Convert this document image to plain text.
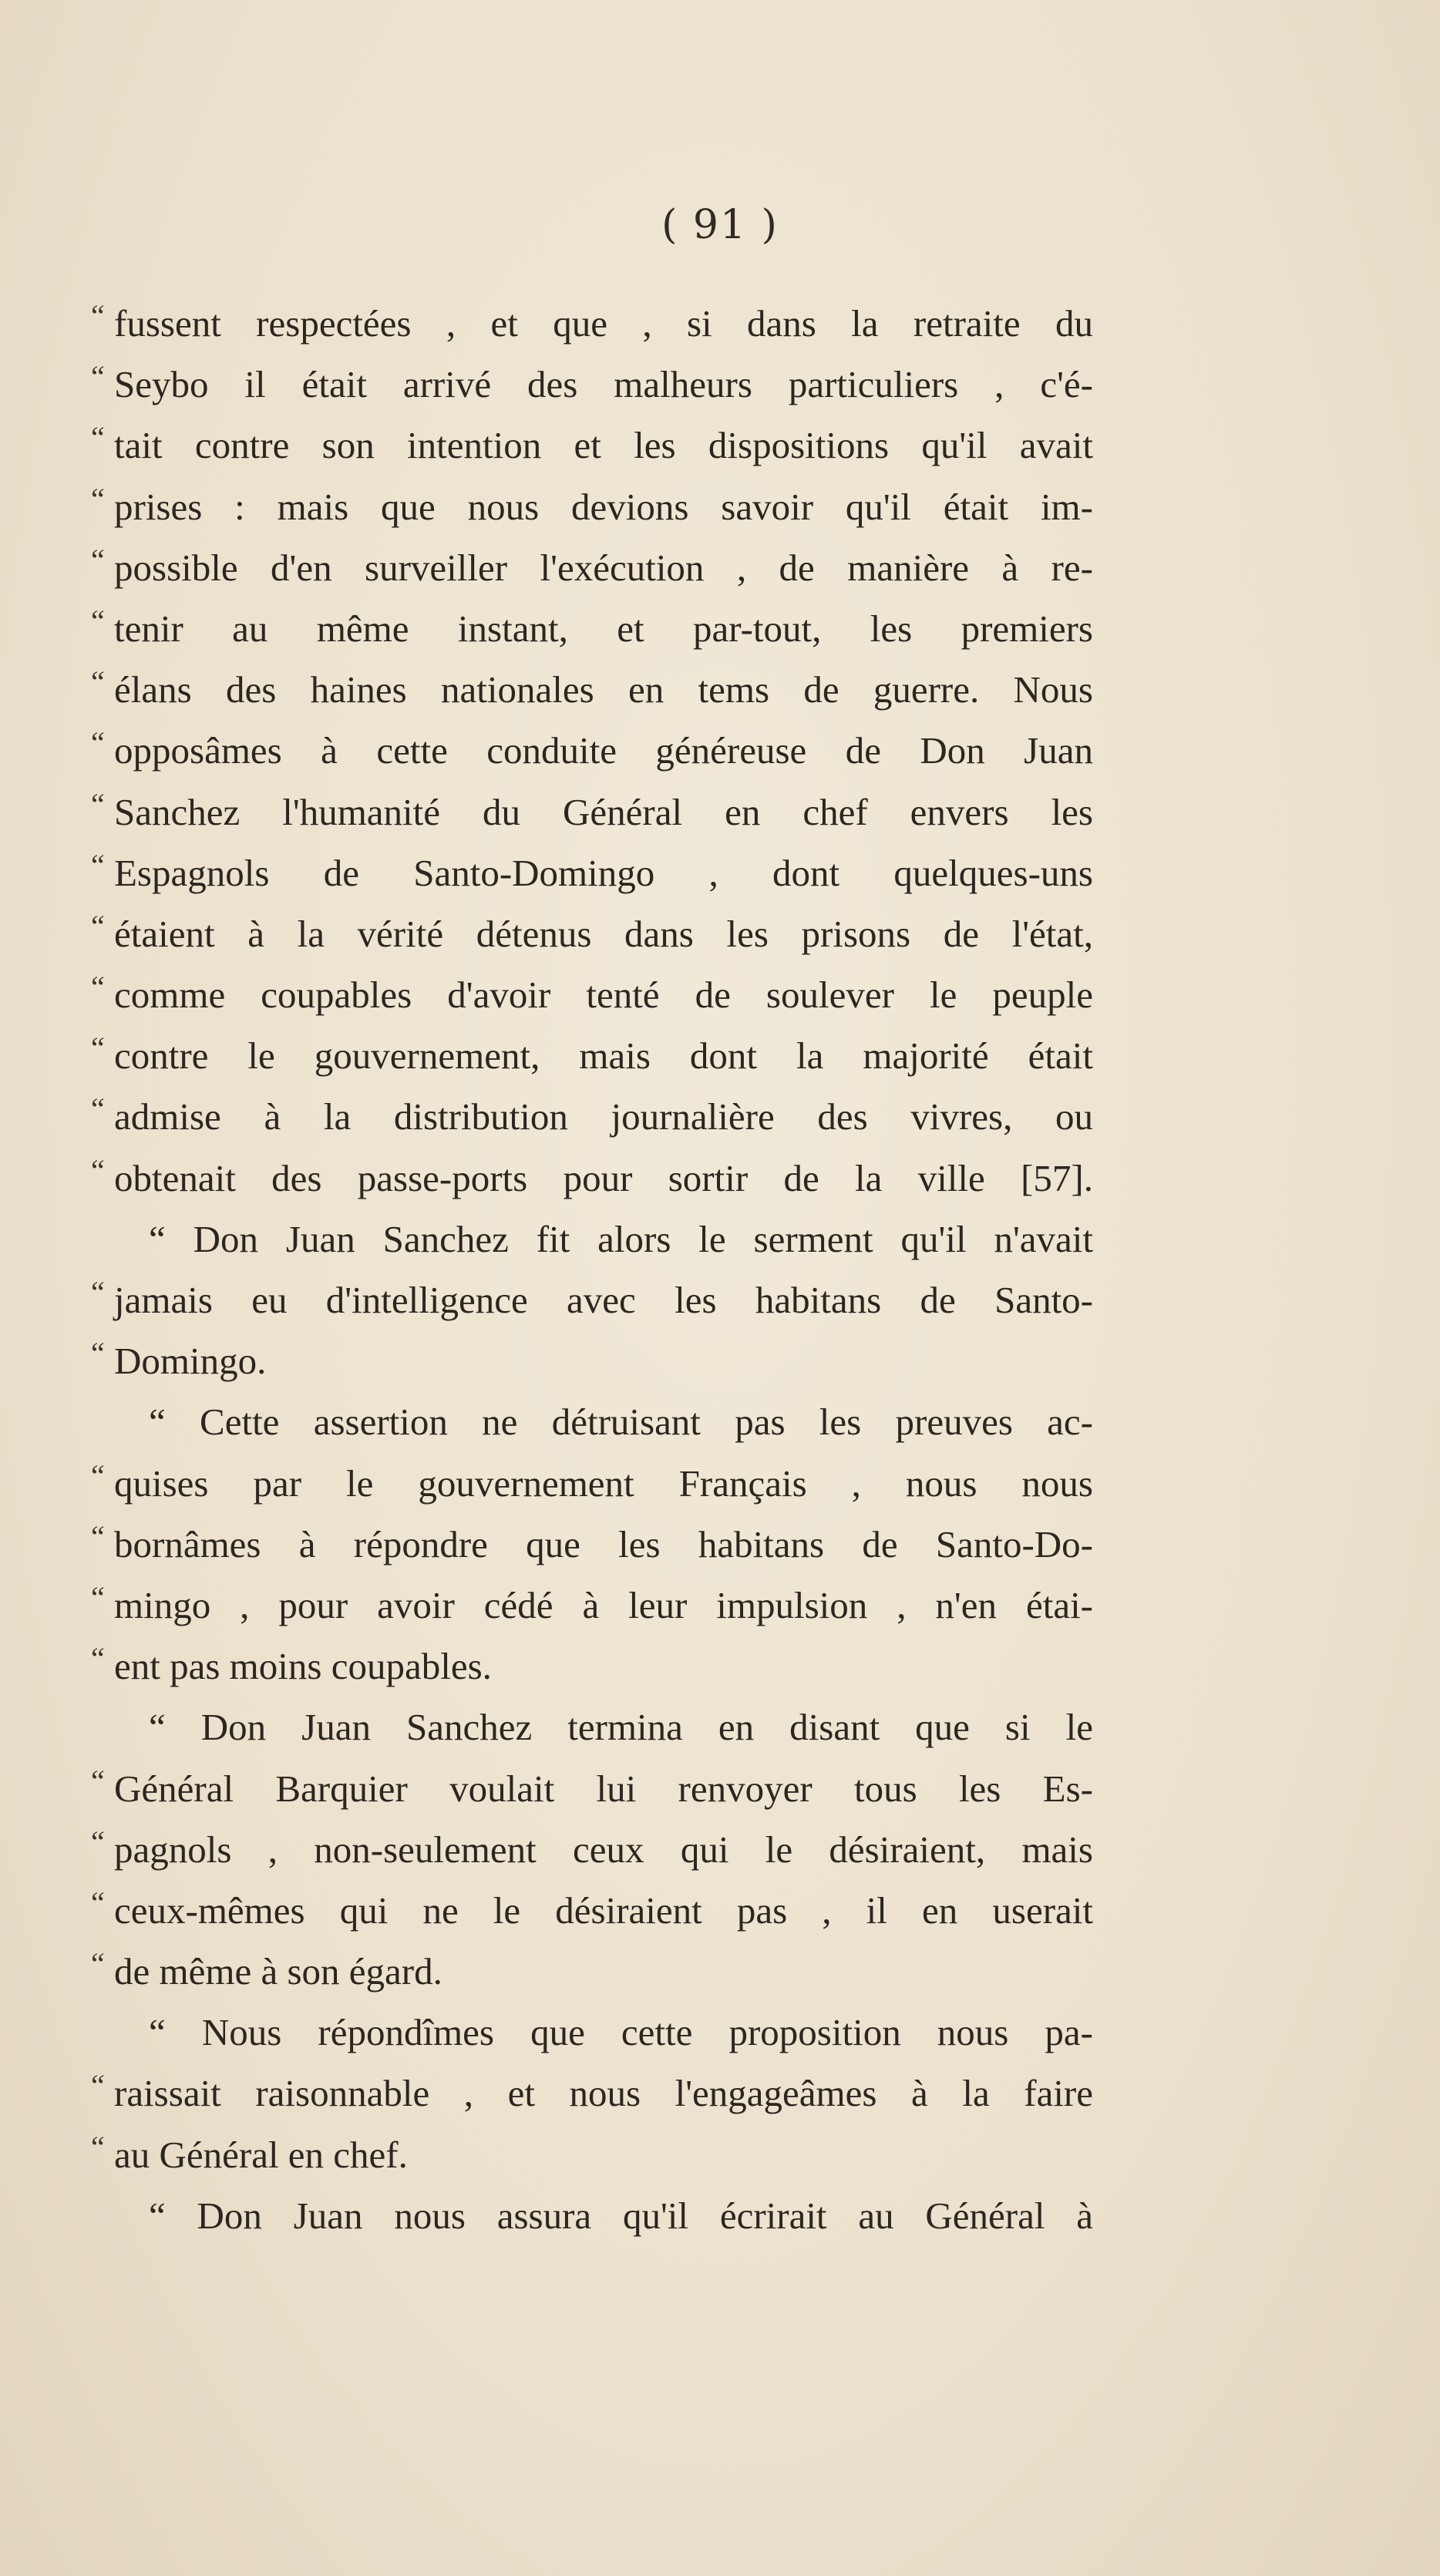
( 91 )
“ fussent respectées , et que , si dans la retraite du
“ Seybo il était arrivé des malheurs particuliers , c'é-
“ tait contre son intention et les dispositions qu'il avait
“ prises : mais que nous devions savoir qu'il était im-
“ possible d'en surveiller l'exécution , de manière à re-
“ tenir au même instant, et par-tout, les premiers
“ élans des haines nationales en tems de guerre. Nous
“ opposâmes à cette conduite généreuse de Don Juan
“ Sanchez l'humanité du Général en chef envers les
“ Espagnols de Santo-Domingo , dont quelques-uns
“ étaient à la vérité détenus dans les prisons de l'état,
“ comme coupables d'avoir tenté de soulever le peuple
“ contre le gouvernement, mais dont la majorité était
“ admise à la distribution journalière des vivres, ou
“ obtenait des passe-ports pour sortir de la ville [57].
“ Don Juan Sanchez fit alors le serment qu'il n'avait
“ jamais eu d'intelligence avec les habitans de Santo-
“ Domingo.
“ Cette assertion ne détruisant pas les preuves ac-
“ quises par le gouvernement Français , nous nous
“ bornâmes à répondre que les habitans de Santo-Do-
“ mingo , pour avoir cédé à leur impulsion , n'en étai-
“ ent pas moins coupables.
“ Don Juan Sanchez termina en disant que si le
“ Général Barquier voulait lui renvoyer tous les Es-
“ pagnols , non-seulement ceux qui le désiraient, mais
“ ceux-mêmes qui ne le désiraient pas , il en userait
“ de même à son égard.
“ Nous répondîmes que cette proposition nous pa-
“ raissait raisonnable , et nous l'engageâmes à la faire
“ au Général en chef.
“ Don Juan nous assura qu'il écrirait au Général à
